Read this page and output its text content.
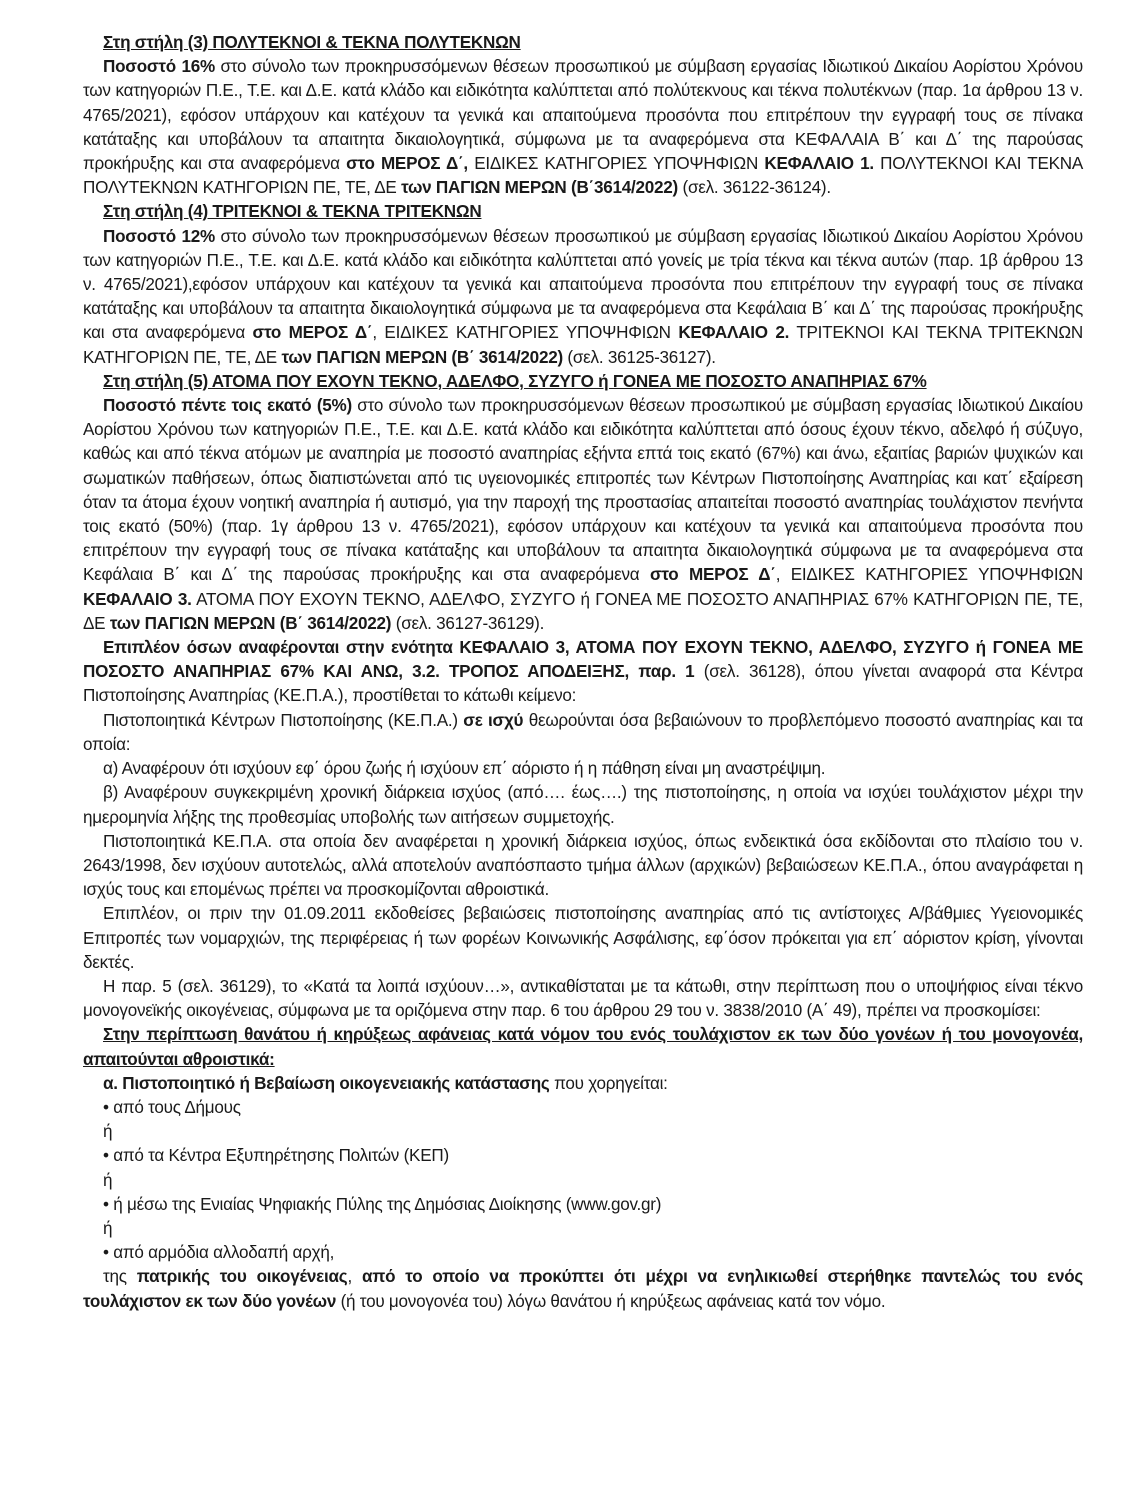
Στη στήλη (3) ΠΟΛΥΤΕΚΝΟΙ & ΤΕΚΝΑ ΠΟΛΥΤΕΚΝΩΝ

Ποσοστό 16% στο σύνολο των προκηρυσσόμενων θέσεων προσωπικού με σύμβαση εργασίας Ιδιωτικού Δικαίου Αορίστου Χρόνου των κατηγοριών Π.Ε., Τ.Ε. και Δ.Ε. κατά κλάδο και ειδικότητα καλύπτεται από πολύτεκνους και τέκνα πολυτέκνων (παρ. 1α άρθρου 13 ν. 4765/2021), εφόσον υπάρχουν και κατέχουν τα γενικά και απαιτούμενα προσόντα που επιτρέπουν την εγγραφή τους σε πίνακα κατάταξης και υποβάλουν τα απαιτητα δικαιολογητικά, σύμφωνα με τα αναφερόμενα στα ΚΕΦΑΛΑΙΑ Β΄ και Δ΄ της παρούσας προκήρυξης και στα αναφερόμενα στο ΜΕΡΟΣ Δ΄, ΕΙΔΙΚΕΣ ΚΑΤΗΓΟΡΙΕΣ ΥΠΟΨΗΦΙΩΝ ΚΕΦΑΛΑΙΟ 1. ΠΟΛΥΤΕΚΝΟΙ ΚΑΙ ΤΕΚΝΑ ΠΟΛΥΤΕΚΝΩΝ ΚΑΤΗΓΟΡΙΩΝ ΠΕ, ΤΕ, ΔΕ των ΠΑΓΙΩΝ ΜΕΡΩΝ (Β΄3614/2022) (σελ. 36122-36124).

Στη στήλη (4) ΤΡΙΤΕΚΝΟΙ & ΤΕΚΝΑ ΤΡΙΤΕΚΝΩΝ

Ποσοστό 12% στο σύνολο των προκηρυσσόμενων θέσεων προσωπικού με σύμβαση εργασίας Ιδιωτικού Δικαίου Αορίστου Χρόνου των κατηγοριών Π.Ε., Τ.Ε. και Δ.Ε. κατά κλάδο και ειδικότητα καλύπτεται από γονείς με τρία τέκνα και τέκνα αυτών (παρ. 1β άρθρου 13 ν. 4765/2021),εφόσον υπάρχουν και κατέχουν τα γενικά και απαιτούμενα προσόντα που επιτρέπουν την εγγραφή τους σε πίνακα κατάταξης και υποβάλουν τα απαιτητα δικαιολογητικά σύμφωνα με τα αναφερόμενα στα Κεφάλαια Β΄ και Δ΄ της παρούσας προκήρυξης και στα αναφερόμενα στο ΜΕΡΟΣ Δ΄, ΕΙΔΙΚΕΣ ΚΑΤΗΓΟΡΙΕΣ ΥΠΟΨΗΦΙΩΝ ΚΕΦΑΛΑΙΟ 2. ΤΡΙΤΕΚΝΟΙ ΚΑΙ ΤΕΚΝΑ ΤΡΙΤΕΚΝΩΝ ΚΑΤΗΓΟΡΙΩΝ ΠΕ, ΤΕ, ΔΕ των ΠΑΓΙΩΝ ΜΕΡΩΝ (Β΄ 3614/2022) (σελ. 36125-36127).

Στη στήλη (5) ΑΤΟΜΑ ΠΟΥ ΕΧΟΥΝ ΤΕΚΝΟ, ΑΔΕΛΦΟ, ΣΥΖΥΓΟ ή ΓΟΝΕΑ ΜΕ ΠΟΣΟΣΤΟ ΑΝΑΠΗΡΙΑΣ 67%

Ποσοστό πέντε τοις εκατό (5%) στο σύνολο των προκηρυσσόμενων θέσεων προσωπικού με σύμβαση εργασίας Ιδιωτικού Δικαίου Αορίστου Χρόνου των κατηγοριών Π.Ε., Τ.Ε. και Δ.Ε. κατά κλάδο και ειδικότητα καλύπτεται από όσους έχουν τέκνο, αδελφό ή σύζυγο, καθώς και από τέκνα ατόμων με αναπηρία με ποσοστό αναπηρίας εξήντα επτά τοις εκατό (67%) και άνω, εξαιτίας βαριών ψυχικών και σωματικών παθήσεων, όπως διαπιστώνεται από τις υγειονομικές επιτροπές των Κέντρων Πιστοποίησης Αναπηρίας και κατ΄ εξαίρεση όταν τα άτομα έχουν νοητική αναπηρία ή αυτισμό, για την παροχή της προστασίας απαιτείται ποσοστό αναπηρίας τουλάχιστον πενήντα τοις εκατό (50%) (παρ. 1γ άρθρου 13 ν. 4765/2021), εφόσον υπάρχουν και κατέχουν τα γενικά και απαιτούμενα προσόντα που επιτρέπουν την εγγραφή τους σε πίνακα κατάταξης και υποβάλουν τα απαιτητα δικαιολογητικά σύμφωνα με τα αναφερόμενα στα Κεφάλαια Β΄ και Δ΄ της παρούσας προκήρυξης και στα αναφερόμενα στο ΜΕΡΟΣ Δ΄, ΕΙΔΙΚΕΣ ΚΑΤΗΓΟΡΙΕΣ ΥΠΟΨΗΦΙΩΝ ΚΕΦΑΛΑΙΟ 3. ΑΤΟΜΑ ΠΟΥ ΕΧΟΥΝ ΤΕΚΝΟ, ΑΔΕΛΦΟ, ΣΥΖΥΓΟ ή ΓΟΝΕΑ ΜΕ ΠΟΣΟΣΤΟ ΑΝΑΠΗΡΙΑΣ 67% ΚΑΤΗΓΟΡΙΩΝ ΠΕ, ΤΕ, ΔΕ των ΠΑΓΙΩΝ ΜΕΡΩΝ (Β΄ 3614/2022) (σελ. 36127-36129).

Επιπλέον όσων αναφέρονται στην ενότητα ΚΕΦΑΛΑΙΟ 3, ΑΤΟΜΑ ΠΟΥ ΕΧΟΥΝ ΤΕΚΝΟ, ΑΔΕΛΦΟ, ΣΥΖΥΓΟ ή ΓΟΝΕΑ ΜΕ ΠΟΣΟΣΤΟ ΑΝΑΠΗΡΙΑΣ 67% ΚΑΙ ΑΝΩ, 3.2. ΤΡΟΠΟΣ ΑΠΟΔΕΙΞΗΣ, παρ. 1 (σελ. 36128), όπου γίνεται αναφορά στα Κέντρα Πιστοποίησης Αναπηρίας (ΚΕ.Π.Α.), προστίθεται το κάτωθι κείμενο:

Πιστοποιητικά Κέντρων Πιστοποίησης (ΚΕ.Π.Α.) σε ισχύ θεωρούνται όσα βεβαιώνουν το προβλεπόμενο ποσοστό αναπηρίας και τα οποία:

α) Αναφέρουν ότι ισχύουν εφ΄ όρου ζωής ή ισχύουν επ΄ αόριστο ή η πάθηση είναι μη αναστρέψιμη.

β) Αναφέρουν συγκεκριμένη χρονική διάρκεια ισχύος (από…. έως….) της πιστοποίησης, η οποία να ισχύει τουλάχιστον μέχρι την ημερομηνία λήξης της προθεσμίας υποβολής των αιτήσεων συμμετοχής.

Πιστοποιητικά ΚΕ.Π.Α. στα οποία δεν αναφέρεται η χρονική διάρκεια ισχύος, όπως ενδεικτικά όσα εκδίδονται στο πλαίσιο του ν. 2643/1998, δεν ισχύουν αυτοτελώς, αλλά αποτελούν αναπόσπαστο τμήμα άλλων (αρχικών) βεβαιώσεων ΚΕ.Π.Α., όπου αναγράφεται η ισχύς τους και επομένως πρέπει να προσκομίζονται αθροιστικά.

Επιπλέον, οι πριν την 01.09.2011 εκδοθείσες βεβαιώσεις πιστοποίησης αναπηρίας από τις αντίστοιχες Α/βάθμιες Υγειονομικές Επιτροπές των νομαρχιών, της περιφέρειας ή των φορέων Κοινωνικής Ασφάλισης, εφ΄όσον πρόκειται για επ΄ αόριστον κρίση, γίνονται δεκτές.

Η παρ. 5 (σελ. 36129), το «Κατά τα λοιπά ισχύουν…», αντικαθίσταται με τα κάτωθι, στην περίπτωση που ο υποψήφιος είναι τέκνο μονογονεϊκής οικογένειας, σύμφωνα με τα οριζόμενα στην παρ. 6 του άρθρου 29 του ν. 3838/2010 (Α΄ 49), πρέπει να προσκομίσει:

Στην περίπτωση θανάτου ή κηρύξεως αφάνειας κατά νόμον του ενός τουλάχιστον εκ των δύο γονέων ή του μονογονέα, απαιτούνται αθροιστικά:

α. Πιστοποιητικό ή Βεβαίωση οικογενειακής κατάστασης που χορηγείται:

• από τους Δήμους

ή

• από τα Κέντρα Εξυπηρέτησης Πολιτών (ΚΕΠ)

ή

• ή μέσω της Ενιαίας Ψηφιακής Πύλης της Δημόσιας Διοίκησης (www.gov.gr)

ή

• από αρμόδια αλλοδαπή αρχή,

της πατρικής του οικογένειας, από το οποίο να προκύπτει ότι μέχρι να ενηλικιωθεί στερήθηκε παντελώς του ενός τουλάχιστον εκ των δύο γονέων (ή του μονογονέα του) λόγω θανάτου ή κηρύξεως αφάνειας κατά τον νόμο.
